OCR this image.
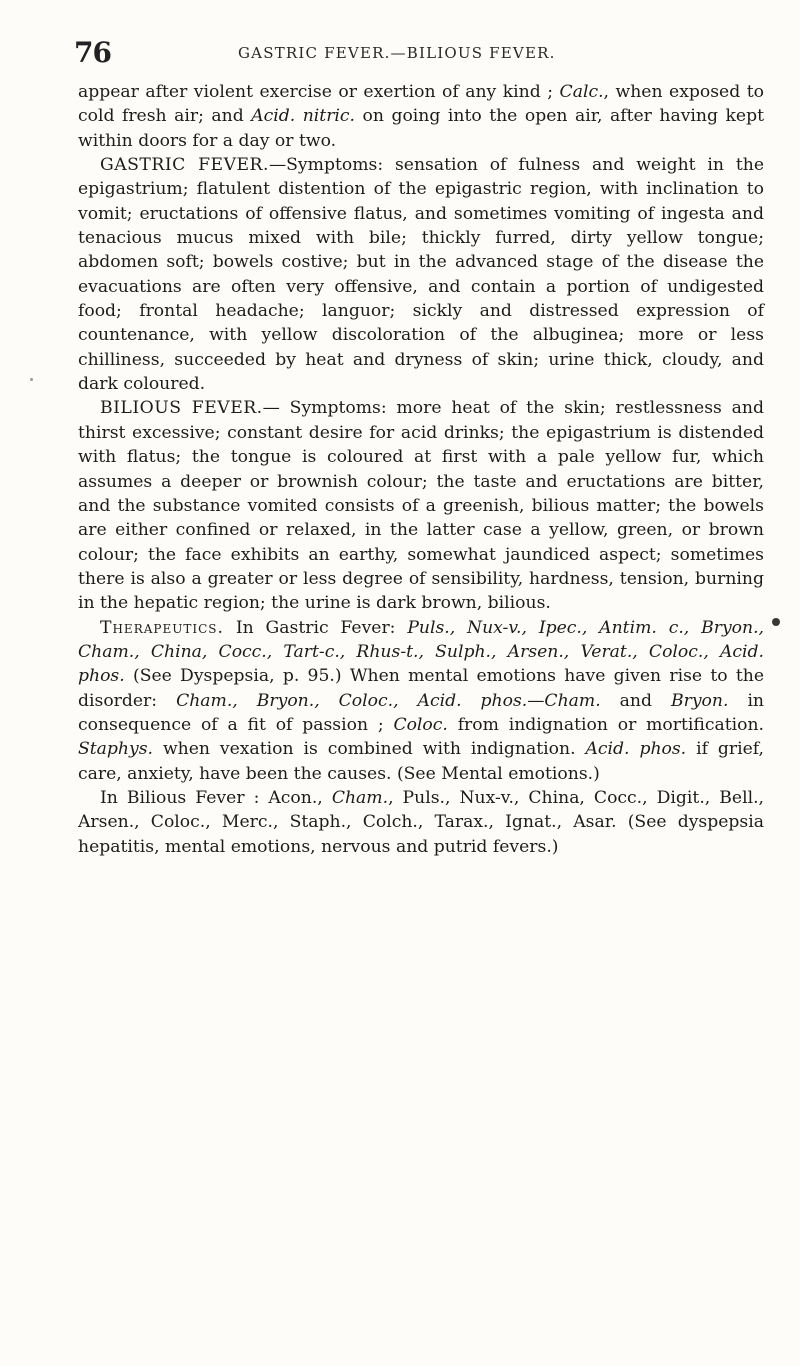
76	GASTRIC FEVER.—BILIOUS FEVER.

appear after violent exercise or exertion of any kind ; Calc., when exposed to cold fresh air; and Acid. nitric. on going into the open air, after having kept within doors for a day or two.

GASTRIC FEVER.—Symptoms: sensation of fulness and weight in the epigastrium; flatulent distention of the epigastric region, with inclination to vomit; eructations of offensive flatus, and sometimes vomiting of ingesta and tenacious mucus mixed with bile; thickly furred, dirty yellow tongue; abdomen soft; bowels costive; but in the advanced stage of the disease the evacuations are often very offensive, and contain a portion of undigested food; frontal headache; languor; sickly and distressed expression of countenance, with yellow discoloration of the albuginea; more or less chilliness, succeeded by heat and dryness of skin; urine thick, cloudy, and dark coloured.

BILIOUS FEVER.— Symptoms: more heat of the skin; restlessness and thirst excessive; constant desire for acid drinks; the epigastrium is distended with flatus; the tongue is coloured at first with a pale yellow fur, which assumes a deeper or brownish colour; the taste and eructations are bitter, and the substance vomited consists of a greenish, bilious matter; the bowels are either confined or relaxed, in the latter case a yellow, green, or brown colour; the face exhibits an earthy, somewhat jaundiced aspect; sometimes there is also a greater or less degree of sensibility, hardness, tension, burning in the hepatic region; the urine is dark brown, bilious.

Therapeutics. In Gastric Fever: Puls., Nux-v., Ipec., Antim. c., Bryon., Cham., China, Cocc., Tart-c., Rhus-t., Sulph., Arsen., Verat., Coloc., Acid. phos. (See Dyspepsia, p. 95.) When mental emotions have given rise to the disorder: Cham., Bryon., Coloc., Acid. phos.—Cham. and Bryon. in consequence of a fit of passion ; Coloc. from indignation or mortification. Staphys. when vexation is combined with indignation. Acid. phos. if grief, care, anxiety, have been the causes. (See Mental emotions.)

In Bilious Fever : Acon., Cham., Puls., Nux-v., China, Cocc., Digit., Bell., Arsen., Coloc., Merc., Staph., Colch., Tarax., Ignat., Asar. (See dyspepsia hepatitis, mental emotions, nervous and putrid fevers.)
